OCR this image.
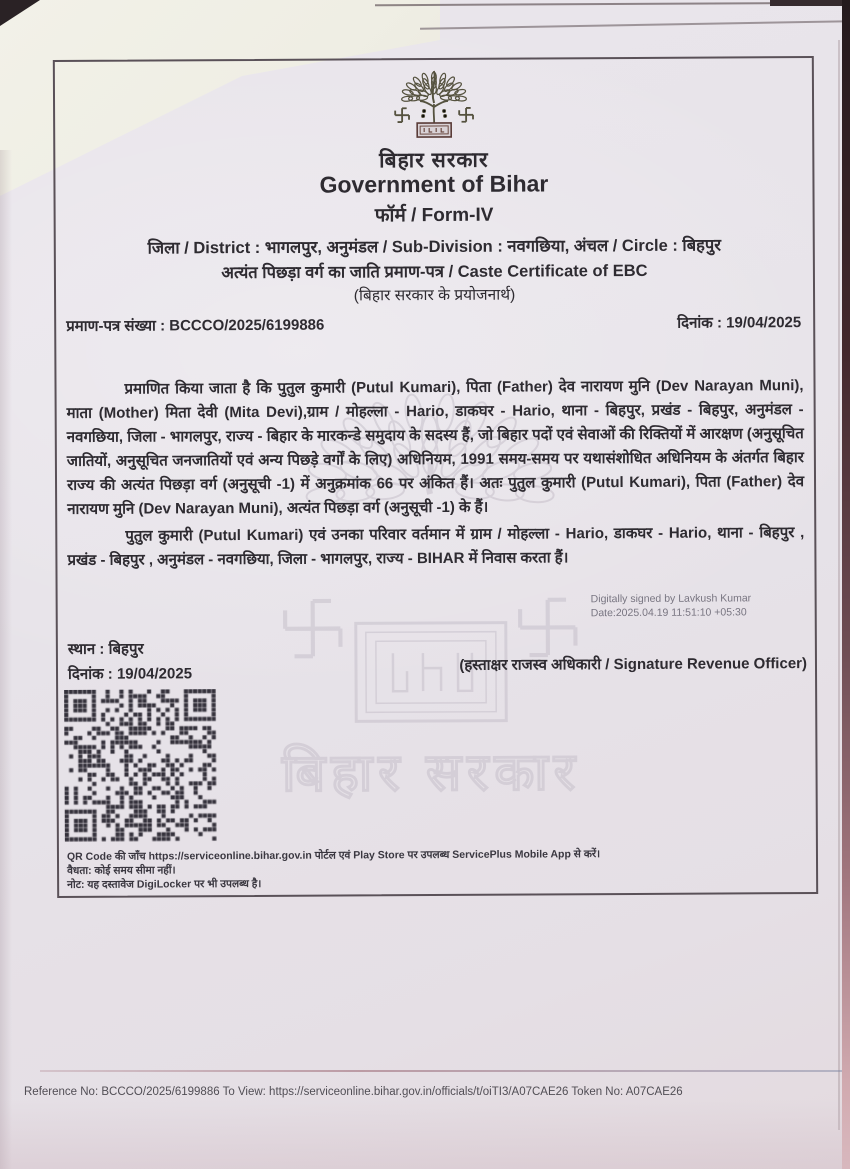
बिहार सरकार
बिहार सरकार
Government of Bihar
फॉर्म / Form-IV
जिला / District : भागलपुर, अनुमंडल / Sub-Division : नवगछिया, अंचल / Circle : बिहपुर
अत्यंत पिछड़ा वर्ग का जाति प्रमाण-पत्र / Caste Certificate of EBC
(बिहार सरकार के प्रयोजनार्थ)
प्रमाण-पत्र संख्या : BCCCO/2025/6199886	दिनांक : 19/04/2025

प्रमाणित किया जाता है कि पुतुल कुमारी (Putul Kumari), पिता (Father) देव नारायण मुनि (Dev Narayan Muni), माता (Mother) मिता देवी (Mita Devi),ग्राम / मोहल्ला - Hario, डाकघर - Hario, थाना - बिहपुर, प्रखंड - बिहपुर, अनुमंडल - नवगछिया, जिला - भागलपुर, राज्य - बिहार के मारकन्डे समुदाय के सदस्य हैं, जो बिहार पदों एवं सेवाओं की रिक्तियों में आरक्षण (अनुसूचित जातियों, अनुसूचित जनजातियों एवं अन्य पिछड़े वर्गों के लिए) अधिनियम, 1991 समय-समय पर यथासंशोधित अधिनियम के अंतर्गत बिहार राज्य की अत्यंत पिछड़ा वर्ग (अनुसूची -1) में अनुक्रमांक 66 पर अंकित हैं। अतः पुतुल कुमारी (Putul Kumari), पिता (Father) देव नारायण मुनि (Dev Narayan Muni), अत्यंत पिछड़ा वर्ग (अनुसूची -1) के हैं।

पुतुल कुमारी (Putul Kumari) एवं उनका परिवार वर्तमान में ग्राम / मोहल्ला - Hario, डाकघर - Hario, थाना - बिहपुर , प्रखंड - बिहपुर , अनुमंडल - नवगछिया, जिला - भागलपुर, राज्य - BIHAR में निवास करता हैं।

Digitally signed by Lavkush Kumar
Date:2025.04.19 11:51:10 +05:30
स्थान : बिहपुर
दिनांक : 19/04/2025
(हस्ताक्षर राजस्व अधिकारी / Signature Revenue Officer)
QR Code की जाँच https://serviceonline.bihar.gov.in पोर्टल एवं Play Store पर उपलब्ध ServicePlus Mobile App से करें।
वैधता: कोई समय सीमा नहीं।
नोट: यह दस्तावेज DigiLocker पर भी उपलब्ध है।
Reference No: BCCCO/2025/6199886 To View: https://serviceonline.bihar.gov.in/officials/t/oiTI3/A07CAE26 Token No: A07CAE26
